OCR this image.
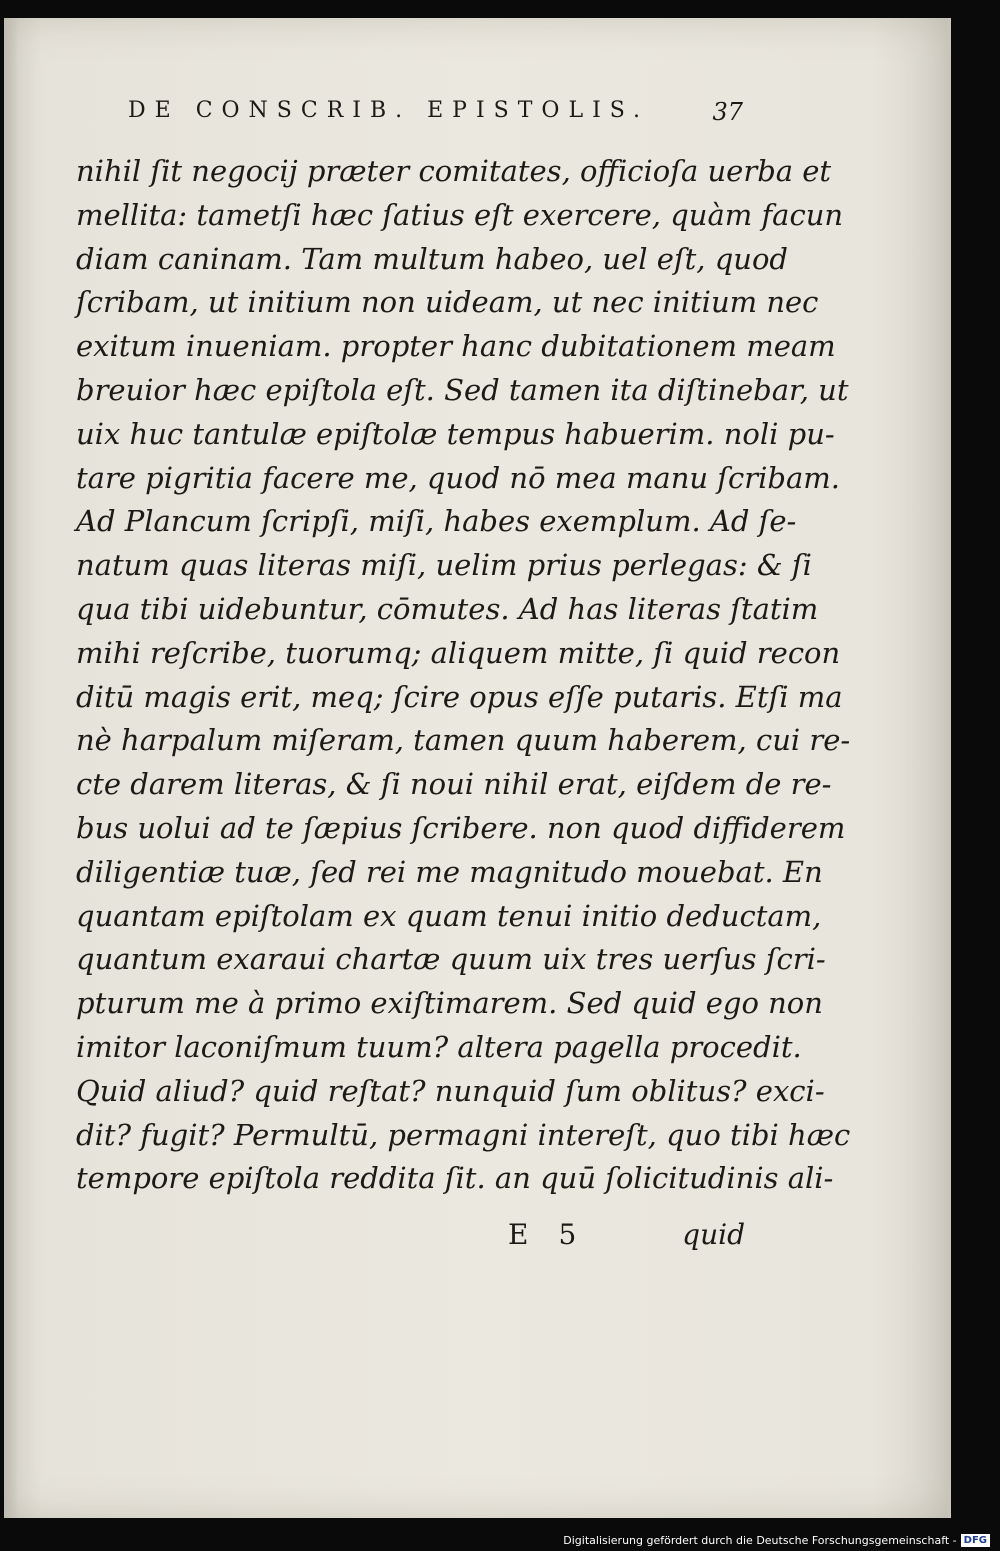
DE CONSCRIB. EPISTOLIS.	37
nihil ſit negocij præter comitates, officioſa uerba et
mellita: tametſi hæc ſatius eſt exercere, quàm facun
diam caninam. Tam multum habeo, uel eſt, quod
ſcribam, ut initium non uideam, ut nec initium nec
exitum inueniam. propter hanc dubitationem meam
breuior hæc epiſtola eſt. Sed tamen ita diſtinebar, ut
uix huc tantulæ epiſtolæ tempus habuerim. noli pu-
tare pigritia facere me, quod nō mea manu ſcribam.
Ad Plancum ſcripſi, miſi, habes exemplum. Ad ſe-
natum quas literas miſi, uelim prius perlegas: & ſi
qua tibi uidebuntur, cōmutes. Ad has literas ſtatim
mihi reſcribe, tuorumq; aliquem mitte, ſi quid recon
ditū magis erit, meq; ſcire opus eſſe putaris. Etſi ma
nè harpalum miſeram, tamen quum haberem, cui re-
cte darem literas, & ſi noui nihil erat, eiſdem de re-
bus uolui ad te ſæpius ſcribere. non quod diffiderem
diligentiæ tuæ, ſed rei me magnitudo mouebat. En
quantam epiſtolam ex quam tenui initio deductam,
quantum exaraui chartæ quum uix tres uerſus ſcri-
pturum me à primo exiſtimarem. Sed quid ego non
imitor laconiſmum tuum? altera pagella procedit.
Quid aliud? quid reſtat? nunquid ſum oblitus? exci-
dit? fugit? Permultū, permagni intereſt, quo tibi hæc
tempore epiſtola reddita ſit. an quū ſolicitudinis ali-
E 5	quid
Digitalisierung gefördert durch die Deutsche Forschungsgemeinschaft - DFG
